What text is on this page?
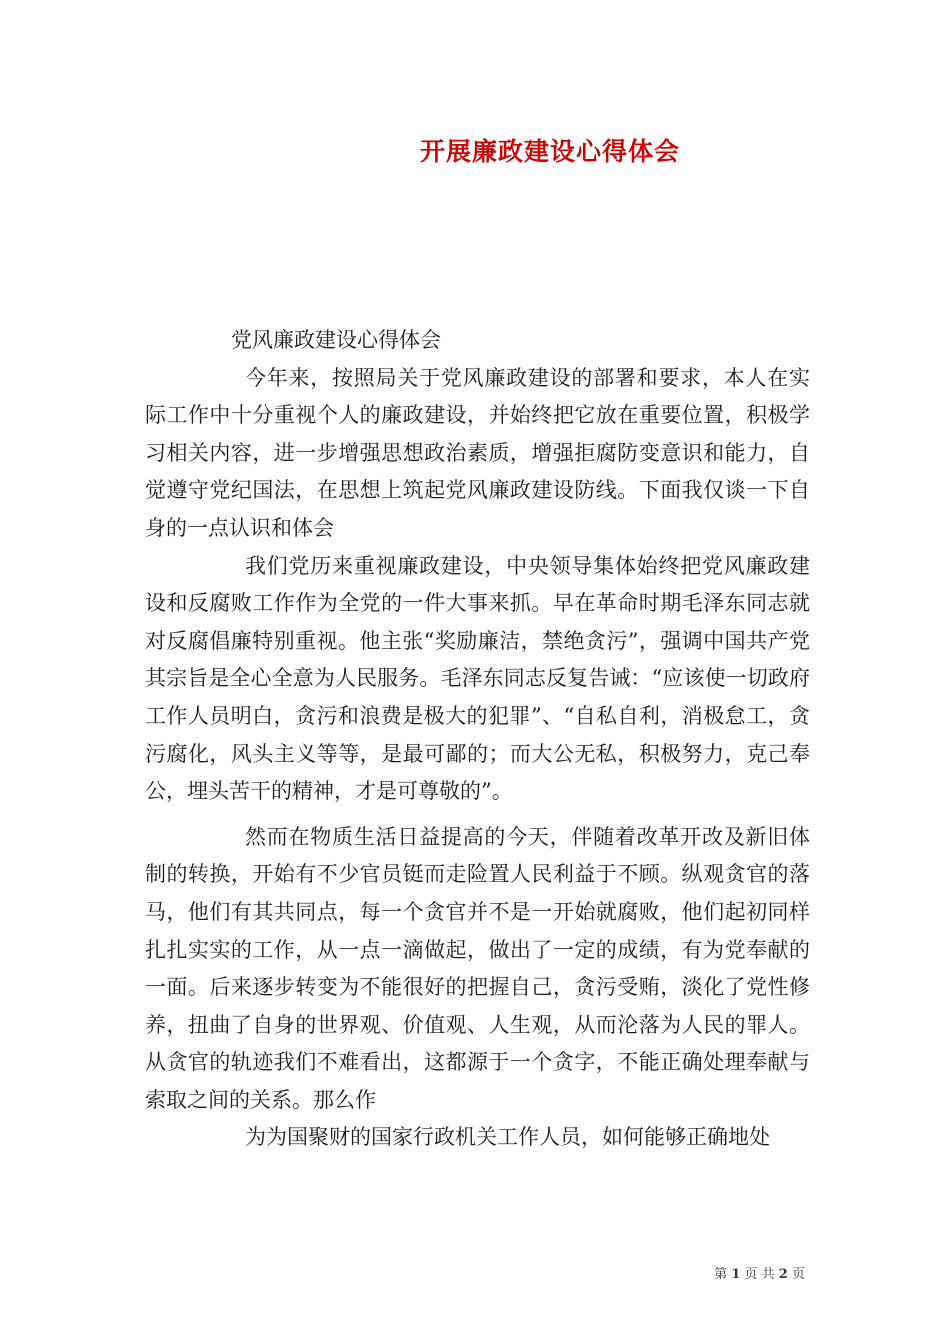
开展廉政建设心得体会

党风廉政建设心得体会

今年来，按照局关于党风廉政建设的部署和要求，本人在实际工作中十分重视个人的廉政建设，并始终把它放在重要位置，积极学习相关内容，进一步增强思想政治素质，增强拒腐防变意识和能力，自觉遵守党纪国法，在思想上筑起党风廉政建设防线。下面我仅谈一下自身的一点认识和体会

我们党历来重视廉政建设，中央领导集体始终把党风廉政建设和反腐败工作作为全党的一件大事来抓。早在革命时期毛泽东同志就对反腐倡廉特别重视。他主张“奖励廉洁，禁绝贪污”，强调中国共产党其宗旨是全心全意为人民服务。毛泽东同志反复告诫：“应该使一切政府工作人员明白，贪污和浪费是极大的犯罪”、“自私自利，消极怠工，贪污腐化，风头主义等等，是最可鄙的；而大公无私，积极努力，克己奉公，埋头苦干的精神，才是可尊敬的”。

然而在物质生活日益提高的今天，伴随着改革开改及新旧体制的转换，开始有不少官员铤而走险置人民利益于不顾。纵观贪官的落马，他们有其共同点，每一个贪官并不是一开始就腐败，他们起初同样扎扎实实的工作，从一点一滴做起，做出了一定的成绩，有为党奉献的一面。后来逐步转变为不能很好的把握自己，贪污受贿，淡化了党性修养，扭曲了自身的世界观、价值观、人生观，从而沦落为人民的罪人。从贪官的轨迹我们不难看出，这都源于一个贪字，不能正确处理奉献与索取之间的关系。那么作

为为国聚财的国家行政机关工作人员，如何能够正确地处

第 1 页 共 2 页
